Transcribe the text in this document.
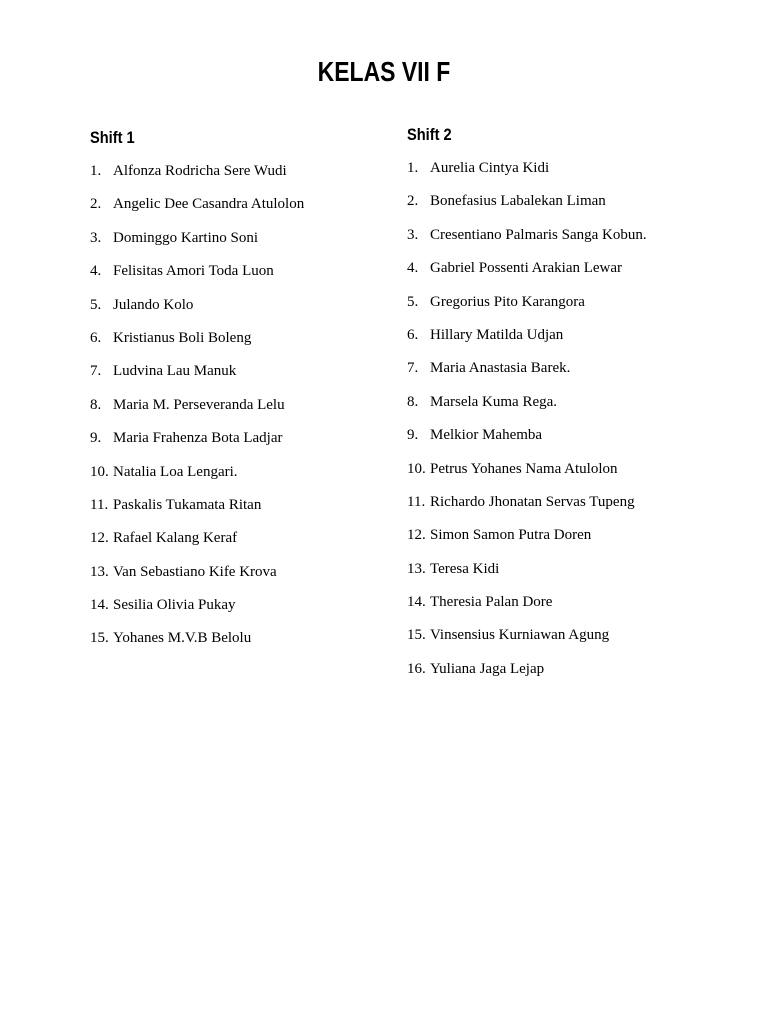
KELAS VII F
Shift 1
1. Alfonza Rodricha Sere Wudi
2. Angelic Dee Casandra Atulolon
3. Dominggo Kartino Soni
4. Felisitas Amori Toda Luon
5. Julando Kolo
6. Kristianus Boli Boleng
7. Ludvina Lau Manuk
8. Maria M. Perseveranda Lelu
9. Maria Frahenza Bota Ladjar
10. Natalia Loa Lengari.
11. Paskalis Tukamata Ritan
12. Rafael Kalang Keraf
13. Van Sebastiano Kife Krova
14. Sesilia Olivia Pukay
15. Yohanes M.V.B Belolu
Shift 2
1. Aurelia Cintya Kidi
2. Bonefasius Labalekan Liman
3. Cresentiano Palmaris Sanga Kobun.
4. Gabriel Possenti Arakian Lewar
5. Gregorius Pito Karangora
6. Hillary Matilda Udjan
7. Maria Anastasia Barek.
8. Marsela Kuma Rega.
9. Melkior Mahemba
10. Petrus Yohanes Nama Atulolon
11. Richardo Jhonatan Servas Tupeng
12. Simon Samon Putra Doren
13. Teresa Kidi
14. Theresia Palan Dore
15. Vinsensius Kurniawan Agung
16. Yuliana Jaga Lejap
